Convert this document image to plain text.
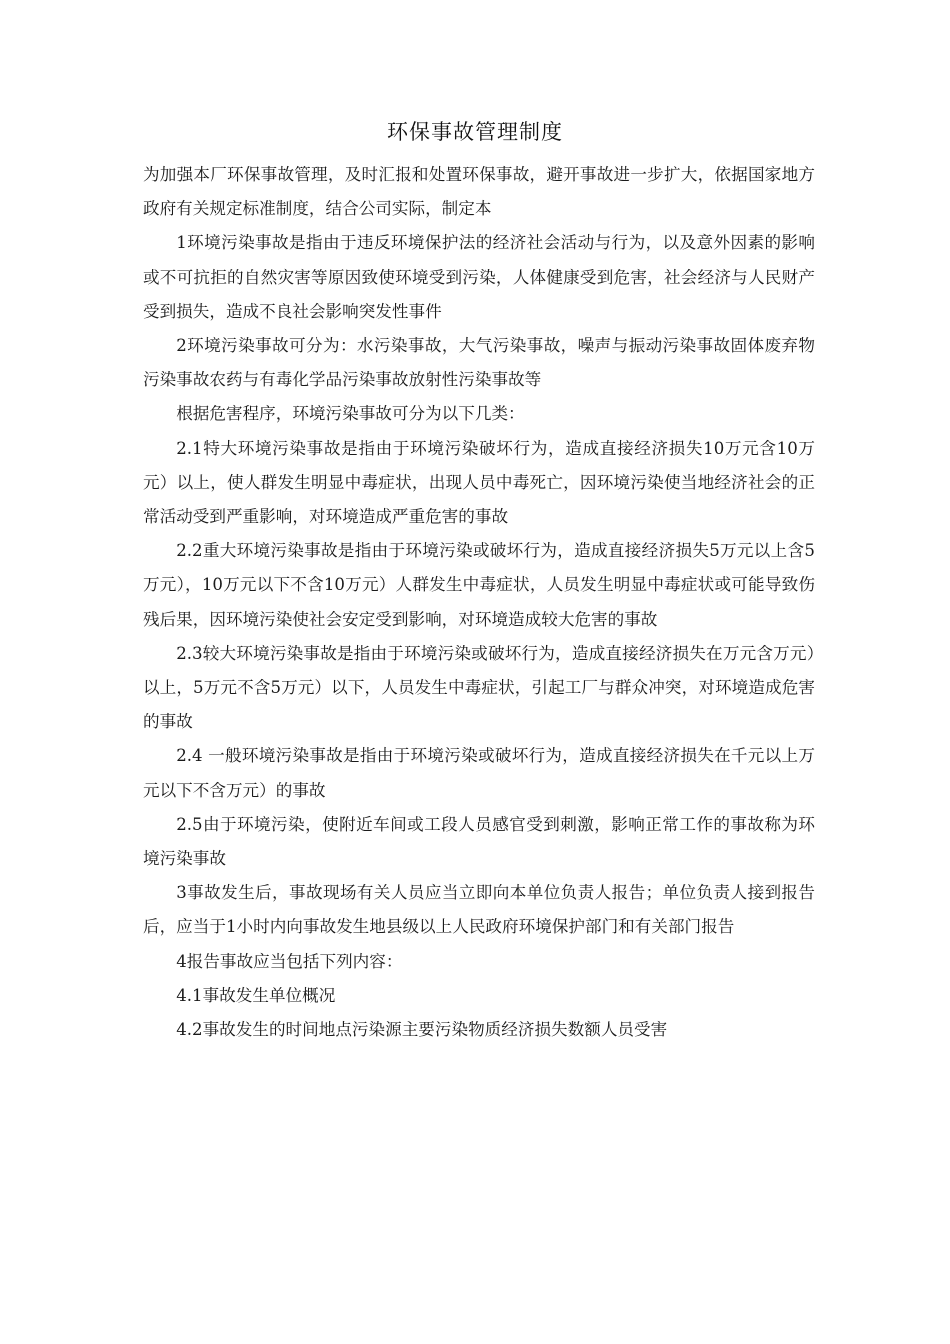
环保事故管理制度

为加强本厂环保事故管理，及时汇报和处置环保事故，避开事故进一步扩大，依据国家地方政府有关规定标准制度，结合公司实际，制定本

1环境污染事故是指由于违反环境保护法的经济社会活动与行为，以及意外因素的影响或不可抗拒的自然灾害等原因致使环境受到污染，人体健康受到危害，社会经济与人民财产受到损失，造成不良社会影响突发性事件

2环境污染事故可分为：水污染事故，大气污染事故，噪声与振动污染事故固体废弃物污染事故农药与有毒化学品污染事故放射性污染事故等

根据危害程序，环境污染事故可分为以下几类：

2.1特大环境污染事故是指由于环境污染破坏行为，造成直接经济损失10万元含10万元）以上，使人群发生明显中毒症状，出现人员中毒死亡，因环境污染使当地经济社会的正常活动受到严重影响，对环境造成严重危害的事故

2.2重大环境污染事故是指由于环境污染或破坏行为，造成直接经济损失5万元以上含5万元），10万元以下不含10万元）人群发生中毒症状，人员发生明显中毒症状或可能导致伤残后果，因环境污染使社会安定受到影响，对环境造成较大危害的事故

2.3较大环境污染事故是指由于环境污染或破坏行为，造成直接经济损失在万元含万元）以上，5万元不含5万元）以下，人员发生中毒症状，引起工厂与群众冲突，对环境造成危害的事故

2.4 一般环境污染事故是指由于环境污染或破坏行为，造成直接经济损失在千元以上万元以下不含万元）的事故

2.5由于环境污染，使附近车间或工段人员感官受到刺激，影响正常工作的事故称为环境污染事故

3事故发生后，事故现场有关人员应当立即向本单位负责人报告；单位负责人接到报告后，应当于1小时内向事故发生地县级以上人民政府环境保护部门和有关部门报告

4报告事故应当包括下列内容：

4.1事故发生单位概况

4.2事故发生的时间地点污染源主要污染物质经济损失数额人员受害
